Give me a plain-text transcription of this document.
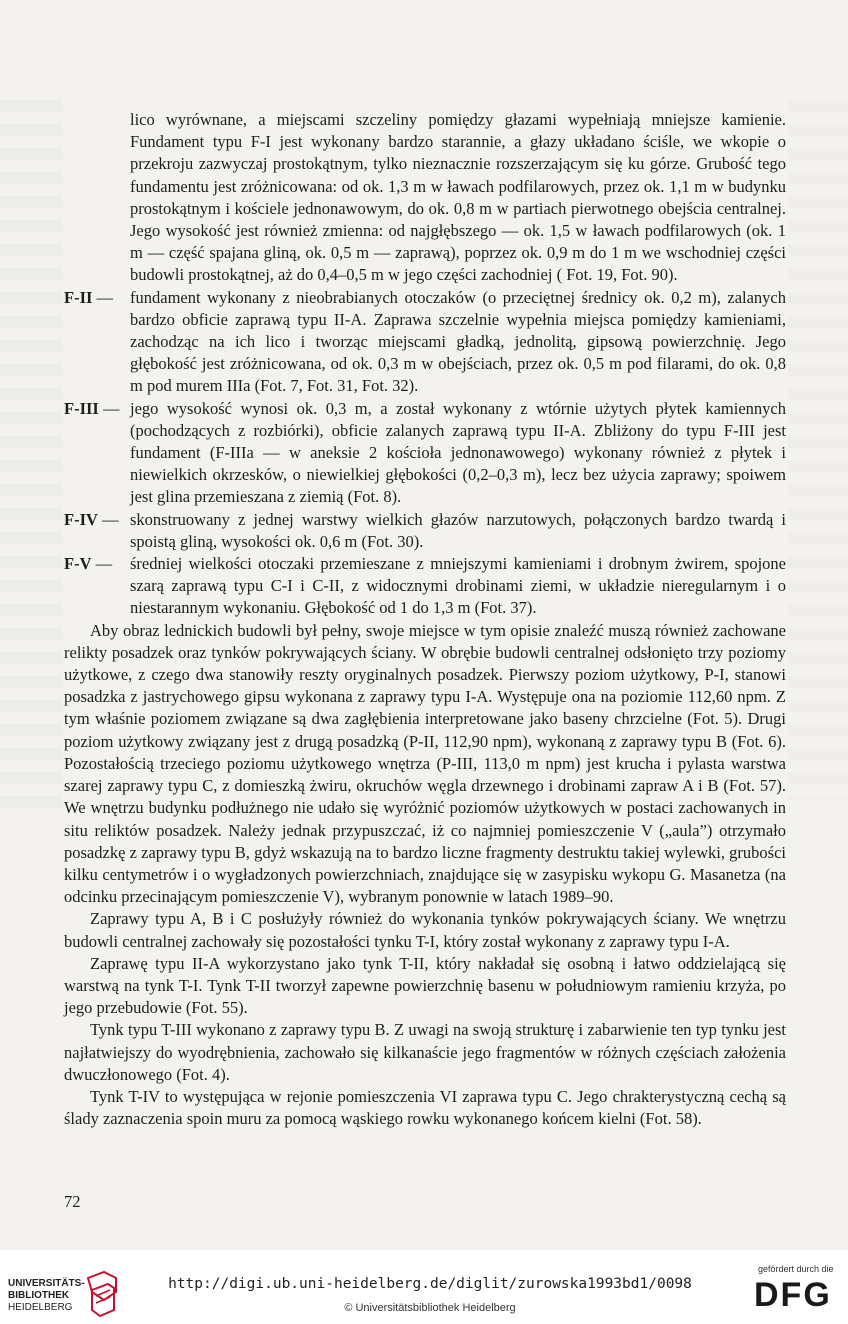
lico wyrównane, a miejscami szczeliny pomiędzy głazami wypełniają mniejsze kamienie. Fundament typu F-I jest wykonany bardzo starannie, a głazy układano ściśle, we wkopie o przekroju zazwyczaj prostokątnym, tylko nieznacznie rozszerzającym się ku górze. Grubość tego fundamentu jest zróżnicowana: od ok. 1,3 m w ławach podfilarowych, przez ok. 1,1 m w budynku prostokątnym i kościele jednonawowym, do ok. 0,8 m w partiach pierwotnego obejścia centralnej. Jego wysokość jest również zmienna: od najgłębszego — ok. 1,5 w ławach podfilarowych (ok. 1 m — część spajana gliną, ok. 0,5 m — zaprawą), poprzez ok. 0,9 m do 1 m we wschodniej części budowli prostokątnej, aż do 0,4–0,5 m w jego części zachodniej ( Fot. 19, Fot. 90).

F-II — fundament wykonany z nieobrabianych otoczaków (o przeciętnej średnicy ok. 0,2 m), zalanych bardzo obficie zaprawą typu II-A. Zaprawa szczelnie wypełnia miejsca pomiędzy kamieniami, zachodząc na ich lico i tworząc miejscami gładką, jednolitą, gipsową powierzchnię. Jego głębokość jest zróżnicowana, od ok. 0,3 m w obejściach, przez ok. 0,5 m pod filarami, do ok. 0,8 m pod murem IIIa (Fot. 7, Fot. 31, Fot. 32).

F-III — jego wysokość wynosi ok. 0,3 m, a został wykonany z wtórnie użytych płytek kamiennych (pochodzących z rozbiórki), obficie zalanych zaprawą typu II-A. Zbliżony do typu F-III jest fundament (F-IIIa — w aneksie 2 kościoła jednonawowego) wykonany również z płytek i niewielkich okrzesków, o niewielkiej głębokości (0,2–0,3 m), lecz bez użycia zaprawy; spoiwem jest glina przemieszana z ziemią (Fot. 8).

F-IV — skonstruowany z jednej warstwy wielkich głazów narzutowych, połączonych bardzo twardą i spoistą gliną, wysokości ok. 0,6 m (Fot. 30).

F-V — średniej wielkości otoczaki przemieszane z mniejszymi kamieniami i drobnym żwirem, spojone szarą zaprawą typu C-I i C-II, z widocznymi drobinami ziemi, w układzie nieregularnym i o niestarannym wykonaniu. Głębokość od 1 do 1,3 m (Fot. 37).

Aby obraz lednickich budowli był pełny, swoje miejsce w tym opisie znaleźć muszą również zachowane relikty posadzek oraz tynków pokrywających ściany. W obrębie budowli centralnej odsłonięto trzy poziomy użytkowe, z czego dwa stanowiły reszty oryginalnych posadzek. Pierwszy poziom użytkowy, P-I, stanowi posadzka z jastrychowego gipsu wykonana z zaprawy typu I-A. Występuje ona na poziomie 112,60 npm. Z tym właśnie poziomem związane są dwa zagłębienia interpretowane jako baseny chrzcielne (Fot. 5). Drugi poziom użytkowy związany jest z drugą posadzką (P-II, 112,90 npm), wykonaną z zaprawy typu B (Fot. 6). Pozostałością trzeciego poziomu użytkowego wnętrza (P-III, 113,0 m npm) jest krucha i pylasta warstwa szarej zaprawy typu C, z domieszką żwiru, okruchów węgla drzewnego i drobinami zapraw A i B (Fot. 57). We wnętrzu budynku podłużnego nie udało się wyróżnić poziomów użytkowych w postaci zachowanych in situ reliktów posadzek. Należy jednak przypuszczać, iż co najmniej pomieszczenie V („aula”) otrzymało posadzkę z zaprawy typu B, gdyż wskazują na to bardzo liczne fragmenty destruktu takiej wylewki, grubości kilku centymetrów i o wygładzonych powierzchniach, znajdujące się w zasypisku wykopu G. Masanetza (na odcinku przecinającym pomieszczenie V), wybranym ponownie w latach 1989–90.

Zaprawy typu A, B i C posłużyły również do wykonania tynków pokrywających ściany. We wnętrzu budowli centralnej zachowały się pozostałości tynku T-I, który został wykonany z zaprawy typu I-A.

Zaprawę typu II-A wykorzystano jako tynk T-II, który nakładał się osobną i łatwo oddzielającą się warstwą na tynk T-I. Tynk T-II tworzył zapewne powierzchnię basenu w południowym ramieniu krzyża, po jego przebudowie (Fot. 55).

Tynk typu T-III wykonano z zaprawy typu B. Z uwagi na swoją strukturę i zabarwienie ten typ tynku jest najłatwiejszy do wyodrębnienia, zachowało się kilkanaście jego fragmentów w różnych częściach założenia dwuczłonowego (Fot. 4).

Tynk T-IV to występująca w rejonie pomieszczenia VI zaprawa typu C. Jego chrakterystyczną cechą są ślady zaznaczenia spoin muru za pomocą wąskiego rowku wykonanego końcem kielni (Fot. 58).

72
UNIVERSITÄTS-
BIBLIOTHEK
HEIDELBERG
http://digi.ub.uni-heidelberg.de/diglit/zurowska1993bd1/0098
© Universitätsbibliothek Heidelberg
gefördert durch die
DFG
